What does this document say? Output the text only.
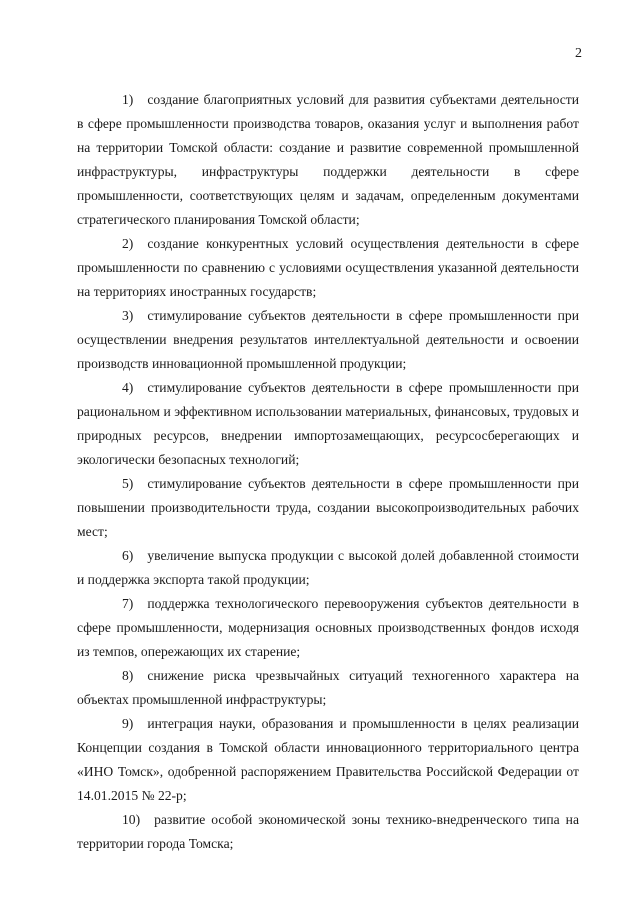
2

1) создание благоприятных условий для развития субъектами деятельности в сфере промышленности производства товаров, оказания услуг и выполнения работ на территории Томской области: создание и развитие современной промышленной инфраструктуры, инфраструктуры поддержки деятельности в сфере промышленности, соответствующих целям и задачам, определенным документами стратегического планирования Томской области;

2) создание конкурентных условий осуществления деятельности в сфере промышленности по сравнению с условиями осуществления указанной деятельности на территориях иностранных государств;

3) стимулирование субъектов деятельности в сфере промышленности при осуществлении внедрения результатов интеллектуальной деятельности и освоении производств инновационной промышленной продукции;

4) стимулирование субъектов деятельности в сфере промышленности при рациональном и эффективном использовании материальных, финансовых, трудовых и природных ресурсов, внедрении импортозамещающих, ресурсосберегающих и экологически безопасных технологий;

5) стимулирование субъектов деятельности в сфере промышленности при повышении производительности труда, создании высокопроизводительных рабочих мест;

6) увеличение выпуска продукции с высокой долей добавленной стоимости и поддержка экспорта такой продукции;

7) поддержка технологического перевооружения субъектов деятельности в сфере промышленности, модернизация основных производственных фондов исходя из темпов, опережающих их старение;

8) снижение риска чрезвычайных ситуаций техногенного характера на объектах промышленной инфраструктуры;

9) интеграция науки, образования и промышленности в целях реализации Концепции создания в Томской области инновационного территориального центра «ИНО Томск», одобренной распоряжением Правительства Российской Федерации от 14.01.2015 № 22-р;

10) развитие особой экономической зоны технико-внедренческого типа на территории города Томска;
